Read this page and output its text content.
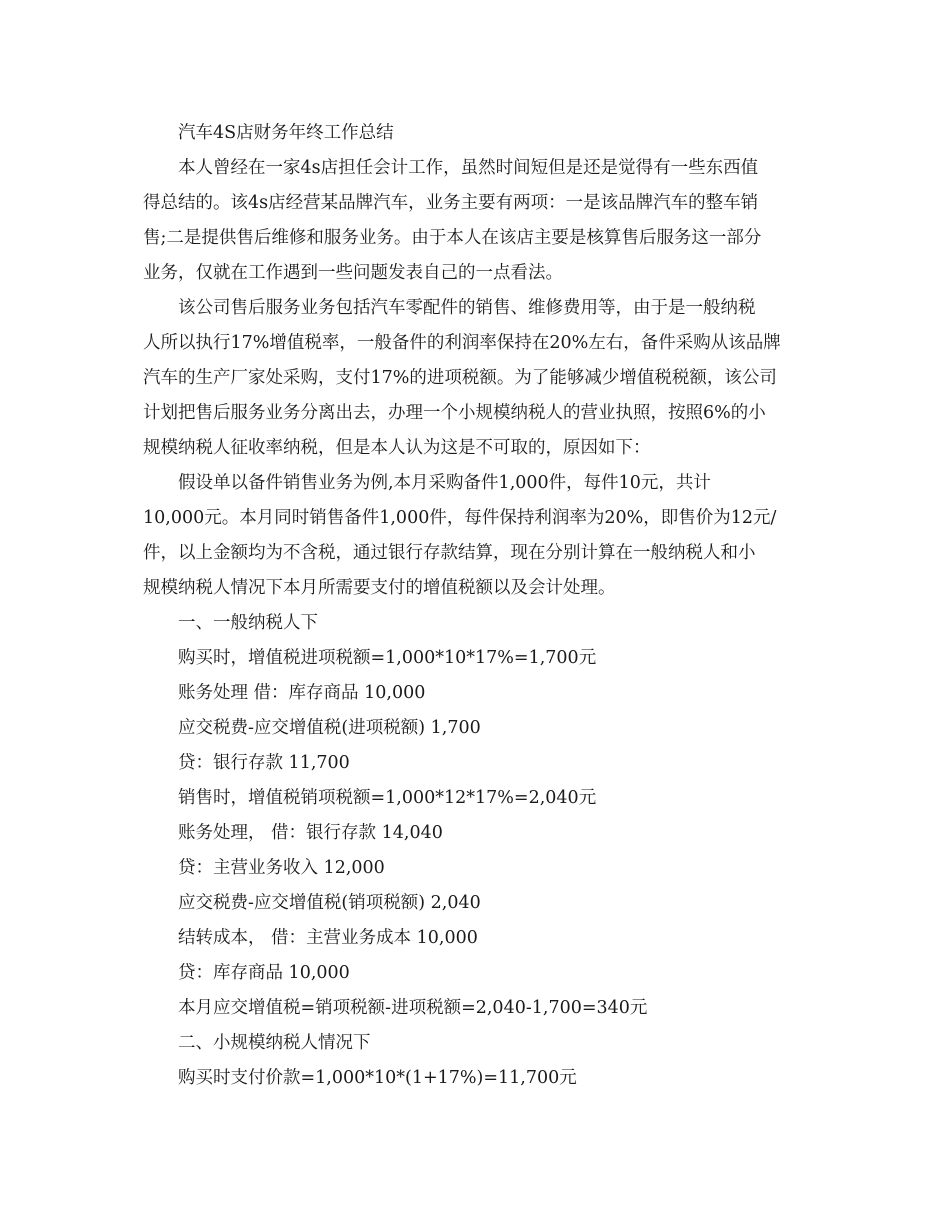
汽车4S店财务年终工作总结
本人曾经在一家4s店担任会计工作，虽然时间短但是还是觉得有一些东西值
得总结的。该4s店经营某品牌汽车，业务主要有两项：一是该品牌汽车的整车销
售;二是提供售后维修和服务业务。由于本人在该店主要是核算售后服务这一部分
业务，仅就在工作遇到一些问题发表自己的一点看法。
该公司售后服务业务包括汽车零配件的销售、维修费用等，由于是一般纳税
人所以执行17%增值税率，一般备件的利润率保持在20%左右，备件采购从该品牌
汽车的生产厂家处采购，支付17%的进项税额。为了能够减少增值税税额，该公司
计划把售后服务业务分离出去，办理一个小规模纳税人的营业执照，按照6%的小
规模纳税人征收率纳税，但是本人认为这是不可取的，原因如下：
假设单以备件销售业务为例,本月采购备件1,000件，每件10元，共计
10,000元。本月同时销售备件1,000件，每件保持利润率为20%，即售价为12元/
件，以上金额均为不含税，通过银行存款结算，现在分别计算在一般纳税人和小
规模纳税人情况下本月所需要支付的增值税额以及会计处理。
一、一般纳税人下
购买时，增值税进项税额=1,000*10*17%=1,700元
账务处理 借：库存商品 10,000
应交税费-应交增值税(进项税额) 1,700
贷：银行存款 11,700
销售时，增值税销项税额=1,000*12*17%=2,040元
账务处理， 借：银行存款 14,040
贷：主营业务收入 12,000
应交税费-应交增值税(销项税额) 2,040
结转成本， 借：主营业务成本 10,000
贷：库存商品 10,000
本月应交增值税=销项税额-进项税额=2,040-1,700=340元
二、小规模纳税人情况下
购买时支付价款=1,000*10*(1+17%)=11,700元
